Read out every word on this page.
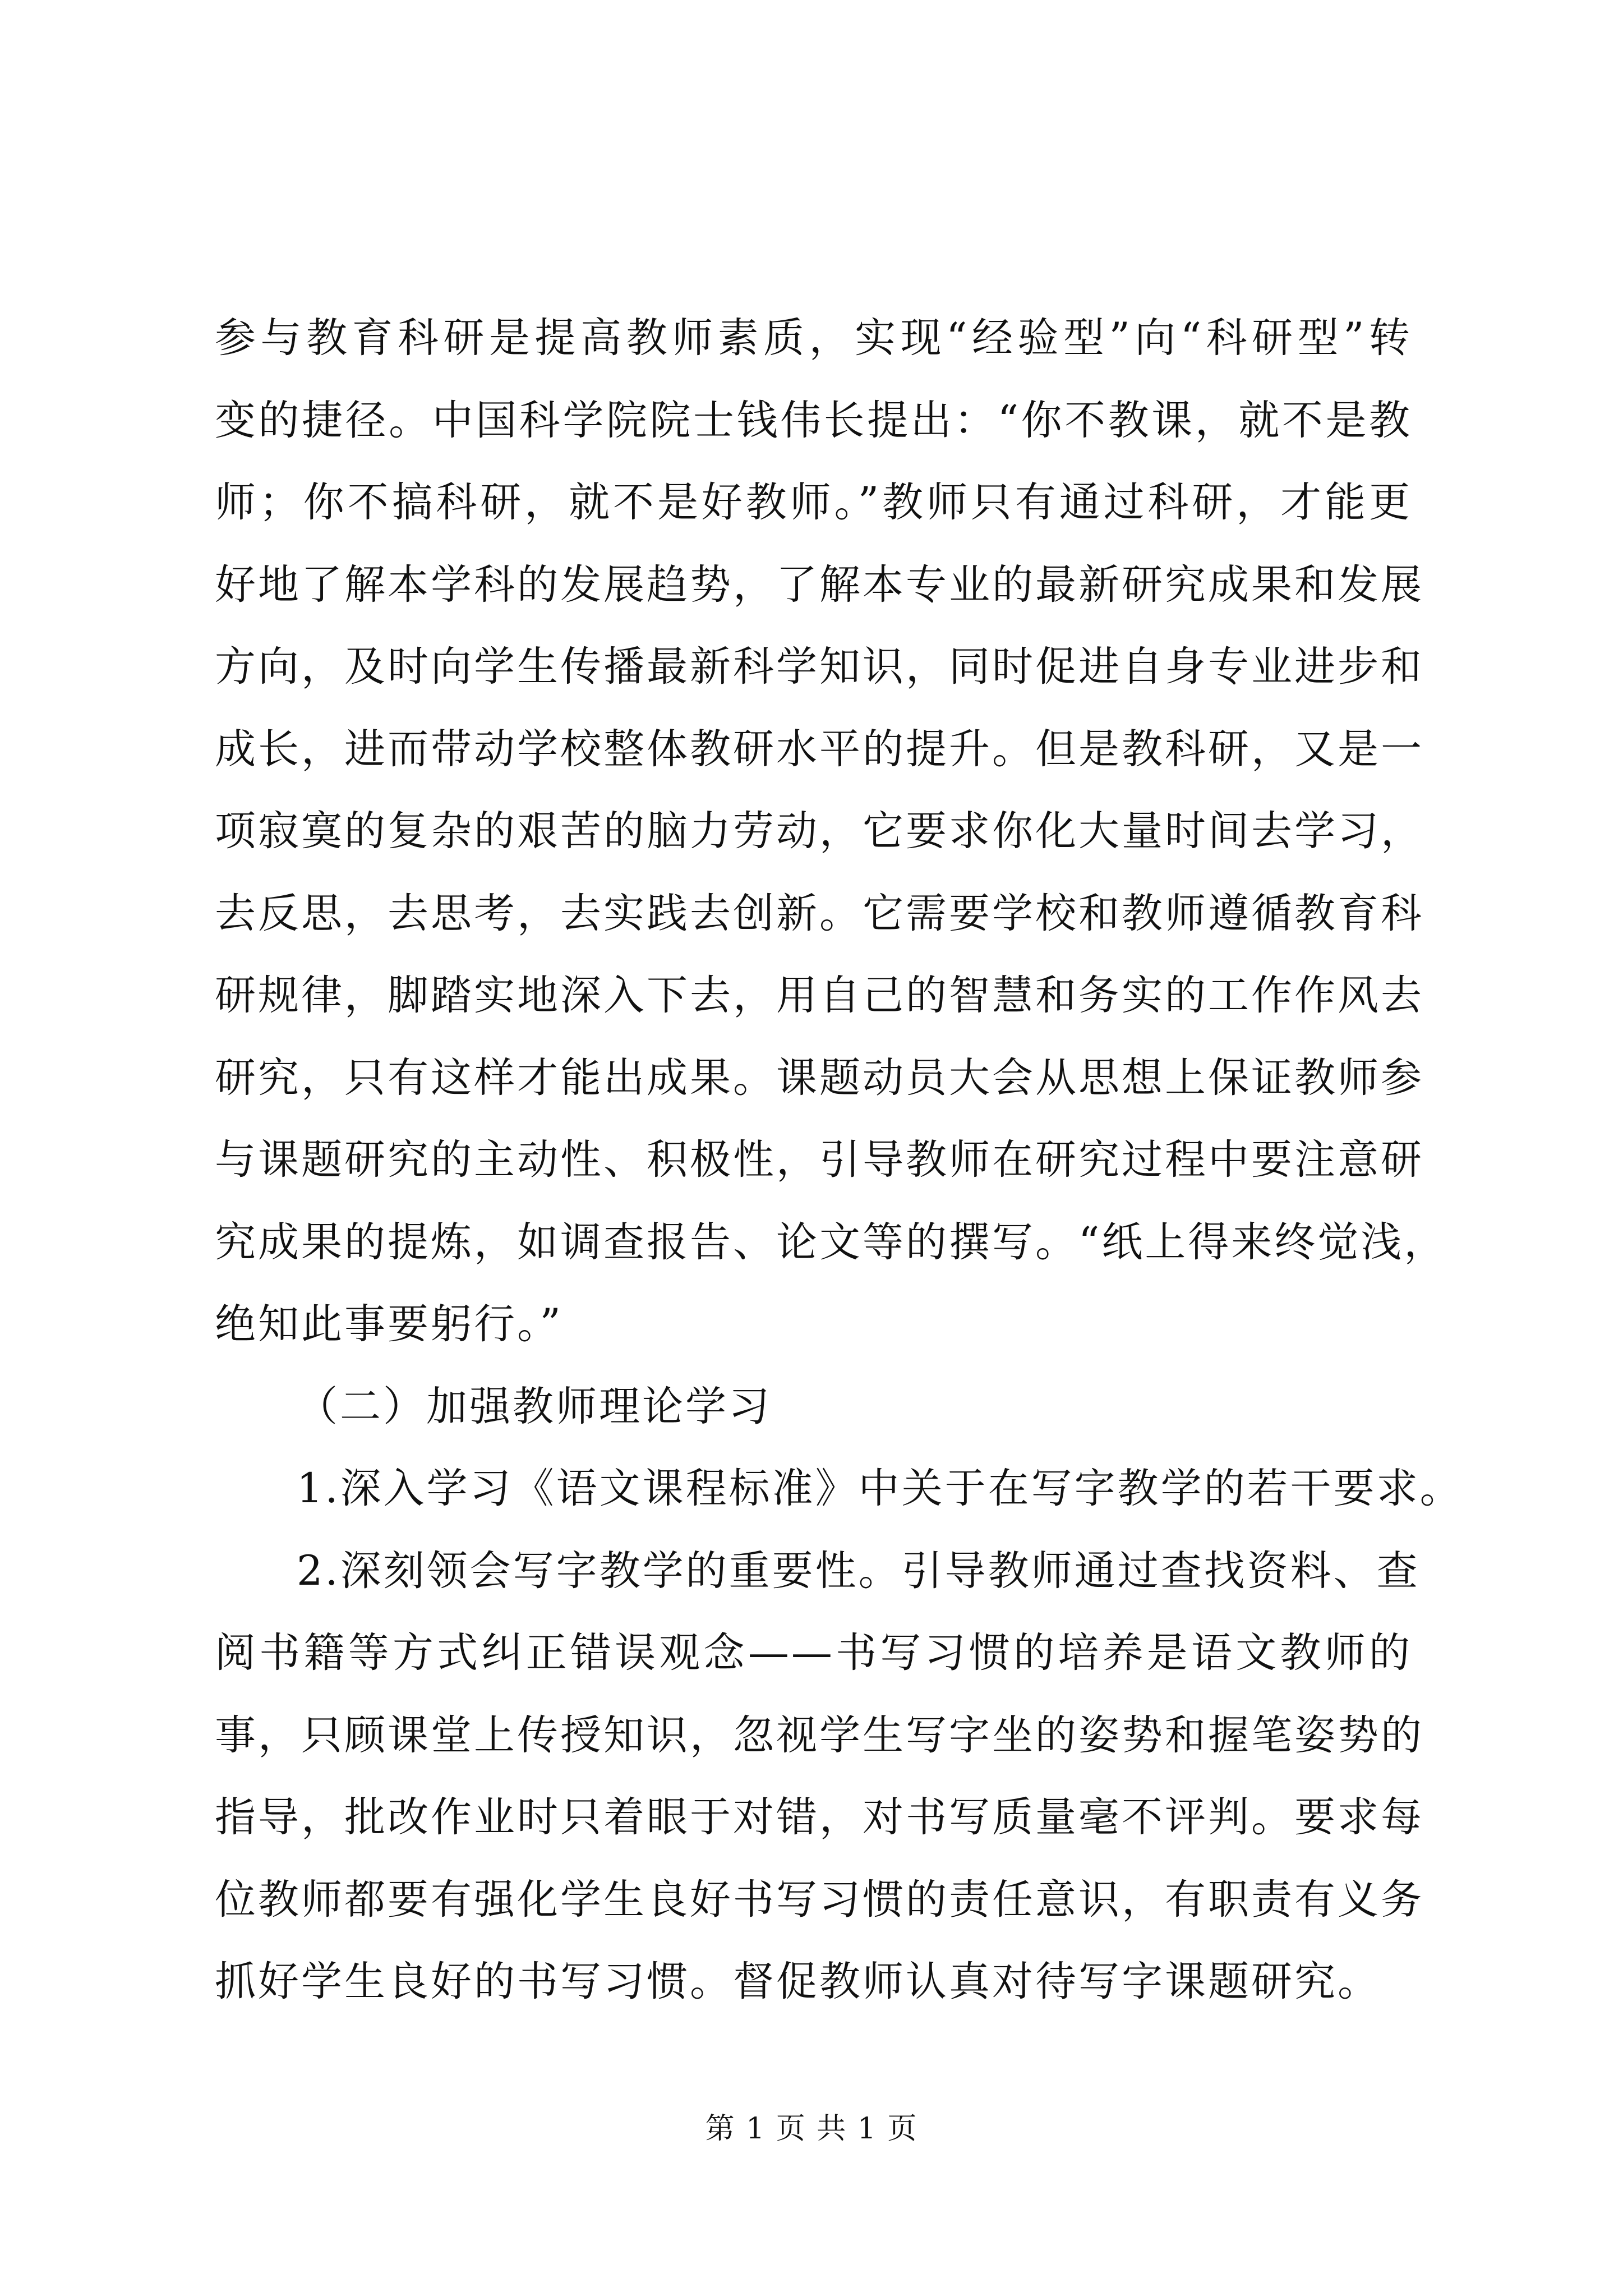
参与教育科研是提高教师素质，实现“经验型”向“科研型”转
变的捷径。中国科学院院士钱伟长提出：“你不教课，就不是教
师；你不搞科研，就不是好教师。”教师只有通过科研，才能更
好地了解本学科的发展趋势，了解本专业的最新研究成果和发展
方向，及时向学生传播最新科学知识，同时促进自身专业进步和
成长，进而带动学校整体教研水平的提升。但是教科研，又是一
项寂寞的复杂的艰苦的脑力劳动，它要求你化大量时间去学习，
去反思，去思考，去实践去创新。它需要学校和教师遵循教育科
研规律，脚踏实地深入下去，用自己的智慧和务实的工作作风去
研究，只有这样才能出成果。课题动员大会从思想上保证教师参
与课题研究的主动性、积极性，引导教师在研究过程中要注意研
究成果的提炼，如调查报告、论文等的撰写。“纸上得来终觉浅，
绝知此事要躬行。”
（二）加强教师理论学习
1.深入学习《语文课程标准》中关于在写字教学的若干要求。
2.深刻领会写字教学的重要性。引导教师通过查找资料、查
阅书籍等方式纠正错误观念——书写习惯的培养是语文教师的
事，只顾课堂上传授知识，忽视学生写字坐的姿势和握笔姿势的
指导，批改作业时只着眼于对错，对书写质量毫不评判。要求每
位教师都要有强化学生良好书写习惯的责任意识，有职责有义务
抓好学生良好的书写习惯。督促教师认真对待写字课题研究。
第 1 页 共 1 页
